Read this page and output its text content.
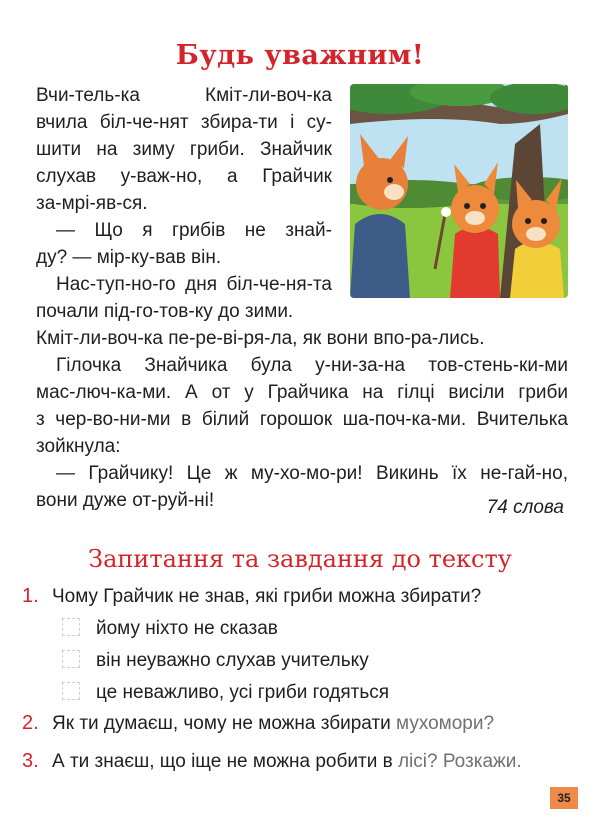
Будь уважним!
Вчи-тель-ка Кміт-ли-воч-ка
вчила біл-че-нят збира-ти і су-
шити на зиму гриби. Знайчик
слухав у-важ-но, а Грайчик
за-мрі-яв-ся.
— Що я грибів не знай-
ду? — мір-ку-вав він.
Нас-туп-но-го дня біл-че-ня-та
почали під-го-тов-ку до зими.
Кміт-ли-воч-ка пе-ре-ві-ря-ла, як вони впо-ра-лись.
Гілочка Знайчика була у-ни-за-на тов-стень-ки-ми
мас-люч-ка-ми. А от у Грайчика на гілці висіли гриби
з чер-во-ни-ми в білий горошок ша-поч-ка-ми. Вчителька
зойкнула:
— Грайчику! Це ж му-хо-мо-ри! Викинь їх не-гай-но,
вони дуже от-руй-ні!	74 слова
Запитання та завдання до тексту
1. Чому Грайчик не знав, які гриби можна збирати?
йому ніхто не сказав
він неуважно слухав учительку
це неважливо, усі гриби годяться
2. Як ти думаєш, чому не можна збирати мухомори?
3. А ти знаєш, що іще не можна робити в лісі? Розкажи.
35
